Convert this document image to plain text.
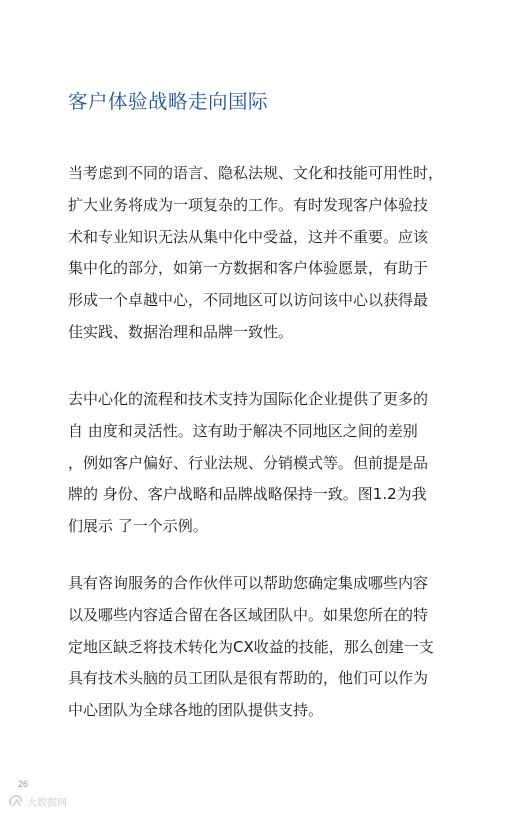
客户体验战略走向国际
当考虑到不同的语言、隐私法规、文化和技能可用性时，
扩大业务将成为一项复杂的工作。有时发现客户体验技
术和专业知识无法从集中化中受益，这并不重要。应该
集中化的部分，如第一方数据和客户体验愿景，有助于
形成一个卓越中心，不同地区可以访问该中心以获得最
佳实践、数据治理和品牌一致性。
去中心化的流程和技术支持为国际化企业提供了更多的
自 由度和灵活性。这有助于解决不同地区之间的差别
，例如客户偏好、行业法规、分销模式等。但前提是品
牌的 身份、客户战略和品牌战略保持一致。图1.2为我
们展示 了一个示例。
具有咨询服务的合作伙伴可以帮助您确定集成哪些内容
以及哪些内容适合留在各区域团队中。如果您所在的特
定地区缺乏将技术转化为CX收益的技能，那么创建一支
具有技术头脑的员工团队是很有帮助的，他们可以作为
中心团队为全球各地的团队提供支持。
26
大数据网
